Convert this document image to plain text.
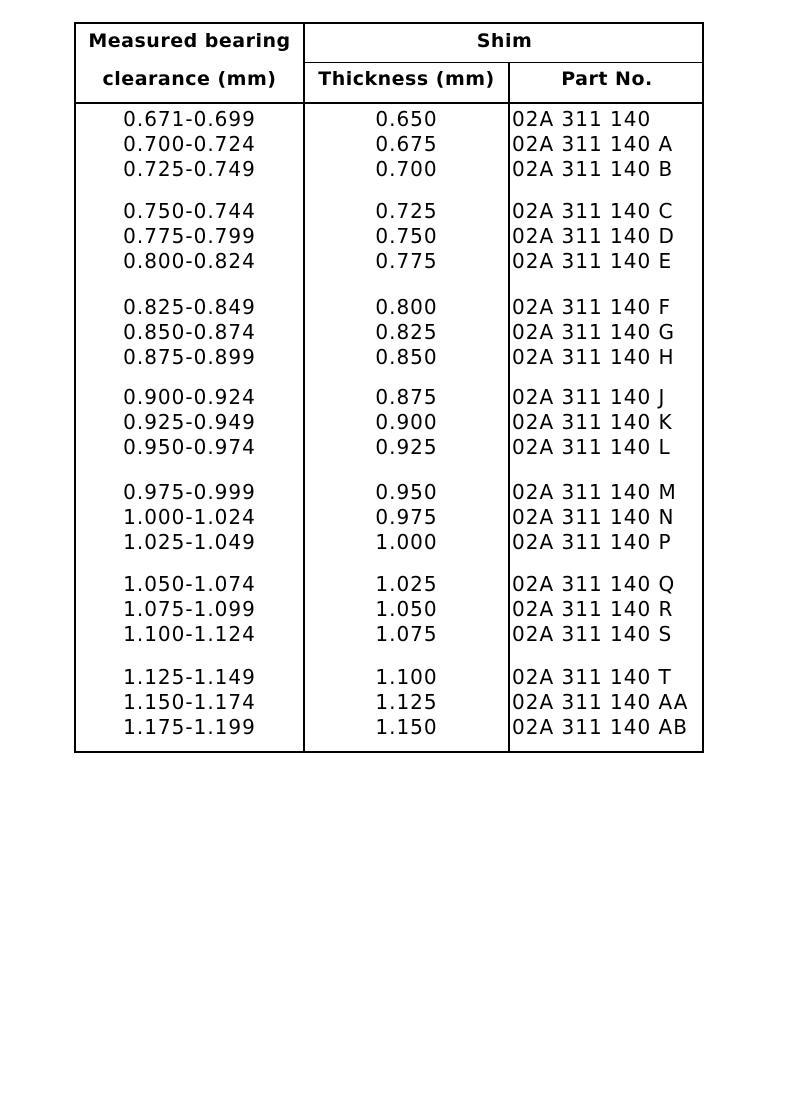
Measured bearing
clearance (mm)
Shim
Thickness (mm)	Part No.
0.671-0.699	0.650	02A 311 140
0.700-0.724	0.675	02A 311 140 A
0.725-0.749	0.700	02A 311 140 B
0.750-0.744	0.725	02A 311 140 C
0.775-0.799	0.750	02A 311 140 D
0.800-0.824	0.775	02A 311 140 E
0.825-0.849	0.800	02A 311 140 F
0.850-0.874	0.825	02A 311 140 G
0.875-0.899	0.850	02A 311 140 H
0.900-0.924	0.875	02A 311 140 J
0.925-0.949	0.900	02A 311 140 K
0.950-0.974	0.925	02A 311 140 L
0.975-0.999	0.950	02A 311 140 M
1.000-1.024	0.975	02A 311 140 N
1.025-1.049	1.000	02A 311 140 P
1.050-1.074	1.025	02A 311 140 Q
1.075-1.099	1.050	02A 311 140 R
1.100-1.124	1.075	02A 311 140 S
1.125-1.149	1.100	02A 311 140 T
1.150-1.174	1.125	02A 311 140 AA
1.175-1.199	1.150	02A 311 140 AB
